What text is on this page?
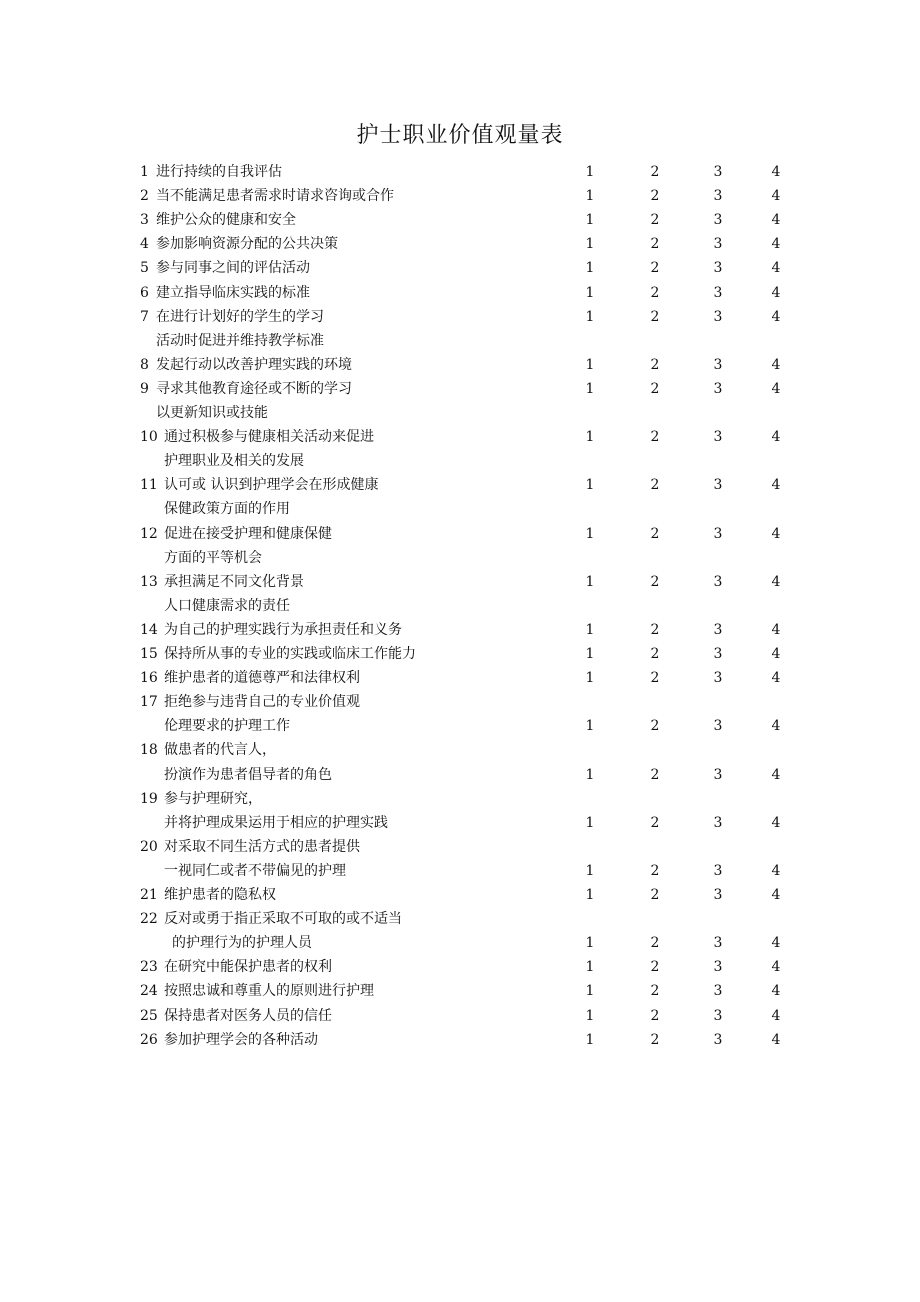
护士职业价值观量表
1 进行持续的自我评估	1	2	3	4
2 当不能满足患者需求时请求咨询或合作	1	2	3	4
3 维护公众的健康和安全	1	2	3	4
4 参加影响资源分配的公共决策	1	2	3	4
5 参与同事之间的评估活动	1	2	3	4
6 建立指导临床实践的标准	1	2	3	4
7 在进行计划好的学生的学习	1	2	3	4
活动时促进并维持教学标准
8 发起行动以改善护理实践的环境	1	2	3	4
9 寻求其他教育途径或不断的学习	1	2	3	4
以更新知识或技能
10 通过积极参与健康相关活动来促进	1	2	3	4
护理职业及相关的发展
11 认可或 认识到护理学会在形成健康	1	2	3	4
保健政策方面的作用
12 促进在接受护理和健康保健	1	2	3	4
方面的平等机会
13 承担满足不同文化背景	1	2	3	4
人口健康需求的责任
14 为自己的护理实践行为承担责任和义务	1	2	3	4
15 保持所从事的专业的实践或临床工作能力	1	2	3	4
16 维护患者的道德尊严和法律权利	1	2	3	4
17 拒绝参与违背自己的专业价值观
伦理要求的护理工作	1	2	3	4
18 做患者的代言人，
扮演作为患者倡导者的角色	1	2	3	4
19 参与护理研究，
并将护理成果运用于相应的护理实践	1	2	3	4
20 对采取不同生活方式的患者提供
一视同仁或者不带偏见的护理	1	2	3	4
21 维护患者的隐私权	1	2	3	4
22 反对或勇于指正采取不可取的或不适当
的护理行为的护理人员	1	2	3	4
23 在研究中能保护患者的权利	1	2	3	4
24 按照忠诚和尊重人的原则进行护理	1	2	3	4
25 保持患者对医务人员的信任	1	2	3	4
26 参加护理学会的各种活动	1	2	3	4
